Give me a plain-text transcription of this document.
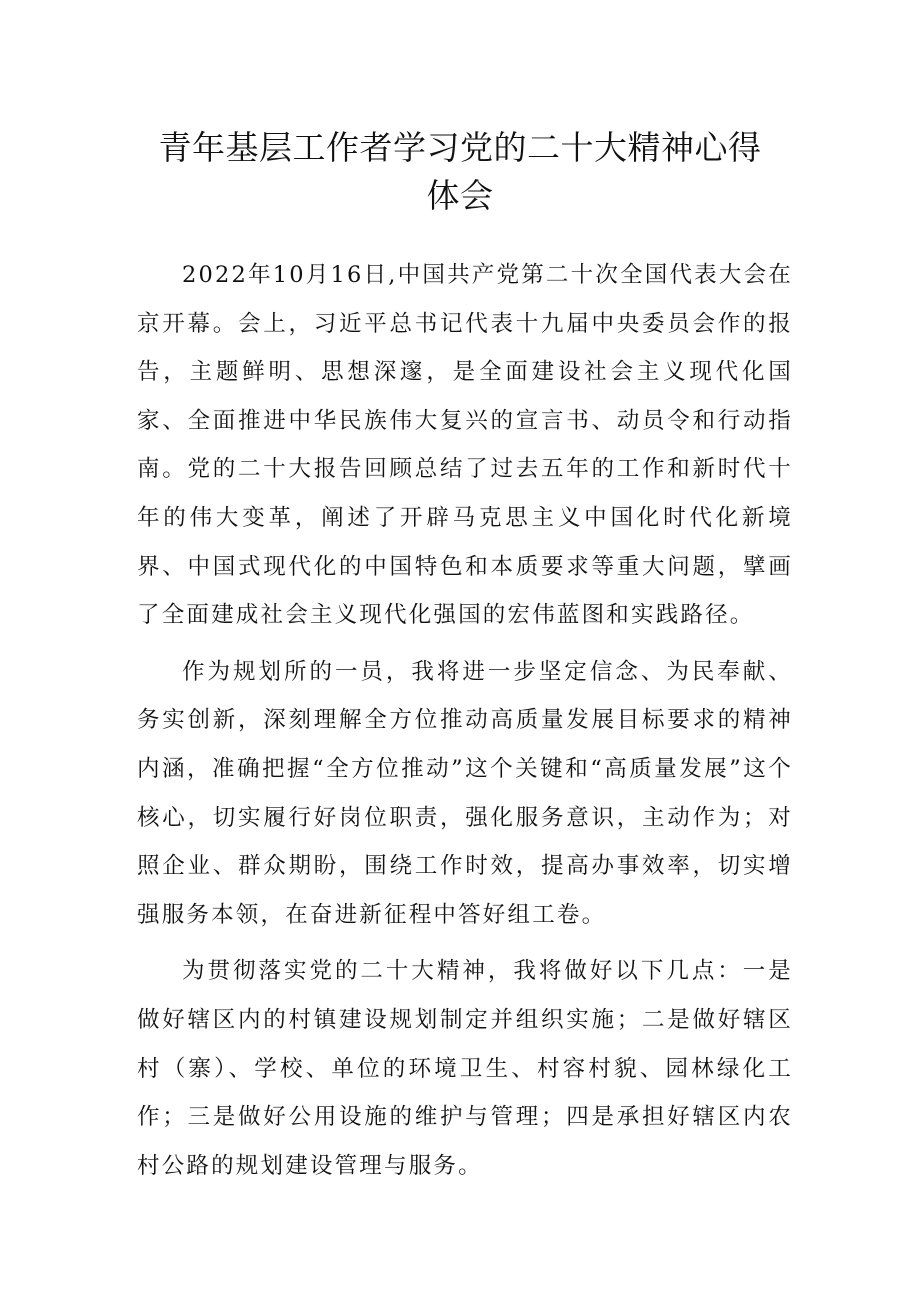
青年基层工作者学习党的二十大精神心得
体会

2022年10月16日,中国共产党第二十次全国代表大会在京开幕。会上，习近平总书记代表十九届中央委员会作的报告，主题鲜明、思想深邃，是全面建设社会主义现代化国家、全面推进中华民族伟大复兴的宣言书、动员令和行动指南。党的二十大报告回顾总结了过去五年的工作和新时代十年的伟大变革，阐述了开辟马克思主义中国化时代化新境界、中国式现代化的中国特色和本质要求等重大问题，擘画了全面建成社会主义现代化强国的宏伟蓝图和实践路径。

作为规划所的一员，我将进一步坚定信念、为民奉献、务实创新，深刻理解全方位推动高质量发展目标要求的精神内涵，准确把握“全方位推动”这个关键和“高质量发展”这个核心，切实履行好岗位职责，强化服务意识，主动作为；对照企业、群众期盼，围绕工作时效，提高办事效率，切实增强服务本领，在奋进新征程中答好组工卷。

为贯彻落实党的二十大精神，我将做好以下几点：一是做好辖区内的村镇建设规划制定并组织实施；二是做好辖区村（寨）、学校、单位的环境卫生、村容村貌、园林绿化工作；三是做好公用设施的维护与管理；四是承担好辖区内农村公路的规划建设管理与服务。
